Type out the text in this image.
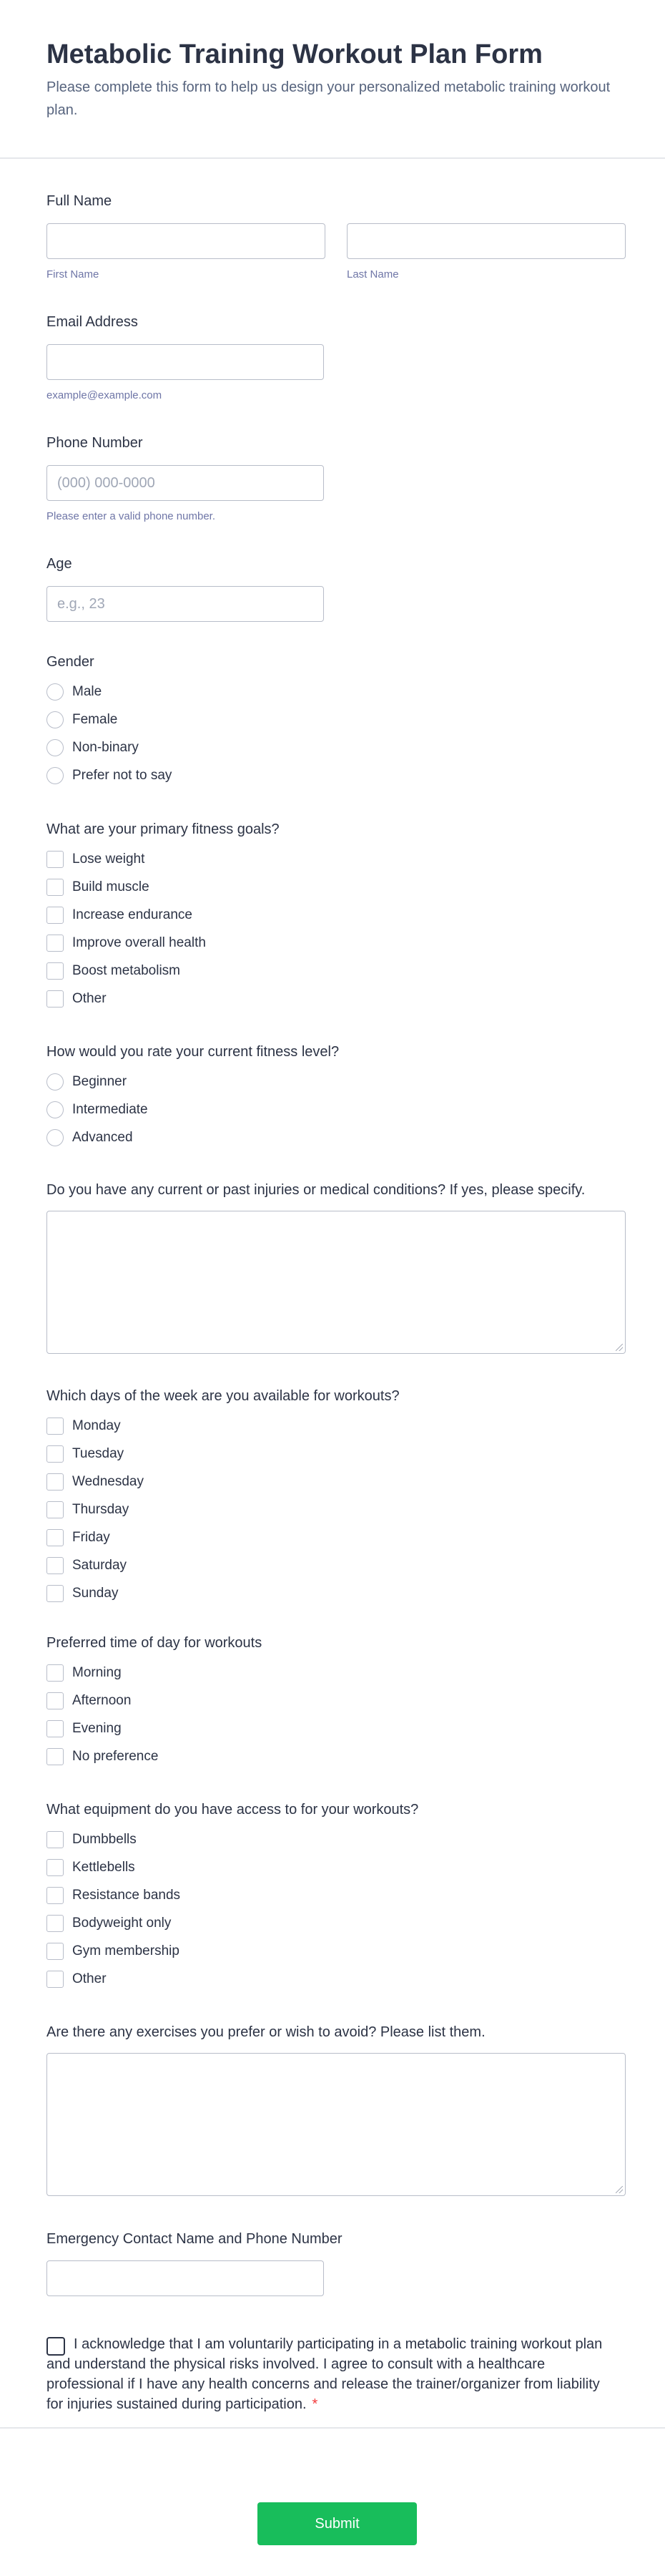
Metabolic Training Workout Plan Form
Please complete this form to help us design your personalized metabolic training workout plan.
Full Name
First Name	Last Name
Email Address
example@example.com
Phone Number
(000) 000-0000
Please enter a valid phone number.
Age
e.g., 23
Gender
Male
Female
Non-binary
Prefer not to say
What are your primary fitness goals?
Lose weight
Build muscle
Increase endurance
Improve overall health
Boost metabolism
Other
How would you rate your current fitness level?
Beginner
Intermediate
Advanced
Do you have any current or past injuries or medical conditions? If yes, please specify.
Which days of the week are you available for workouts?
Monday
Tuesday
Wednesday
Thursday
Friday
Saturday
Sunday
Preferred time of day for workouts
Morning
Afternoon
Evening
No preference
What equipment do you have access to for your workouts?
Dumbbells
Kettlebells
Resistance bands
Bodyweight only
Gym membership
Other
Are there any exercises you prefer or wish to avoid? Please list them.
Emergency Contact Name and Phone Number
I acknowledge that I am voluntarily participating in a metabolic training workout plan and understand the physical risks involved. I agree to consult with a healthcare professional if I have any health concerns and release the trainer/organizer from liability for injuries sustained during participation. *
Submit
